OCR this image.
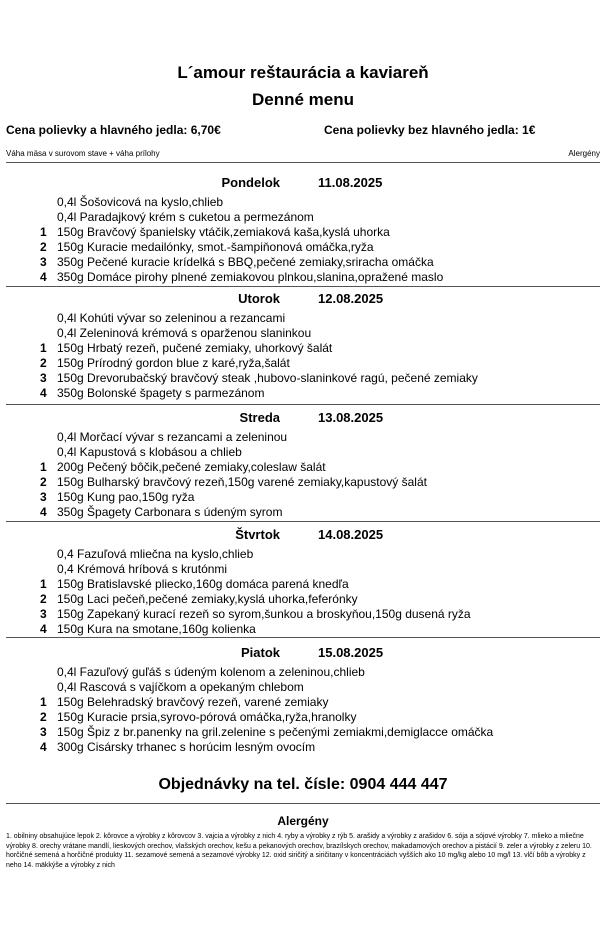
L´amour reštaurácia a kaviareň
Denné menu
Cena polievky a hlavného jedla: 6,70€	Cena polievky bez hlavného jedla: 1€
Váha mäsa v surovom stave + váha prílohy	Alergény
Pondelok	11.08.2025
0,4l Šošovicová na kyslo,chlieb
0,4l Paradajkový krém s cuketou a permezánom
1 150g Bravčový španielsky vtáčik,zemiaková kaša,kyslá uhorka
2 150g Kuracie medailónky, smot.-šampiňonová omáčka,ryža
3 350g Pečené kuracie krídelká s BBQ,pečené zemiaky,sriracha omáčka
4 350g Domáce pirohy plnené zemiakovou plnkou,slanina,opražené maslo
Utorok	12.08.2025
0,4l Kohúti vývar so zeleninou a rezancami
0,4l Zeleninová krémová s oparženou slaninkou
1 150g Hrbatý rezeň, pučené zemiaky, uhorkový šalát
2 150g Prírodný gordon blue z karé,ryža,šalát
3 150g Drevorubačský bravčový steak ,hubovo-slaninkové ragú, pečené zemiaky
4 350g Bolonské špagety s parmezánom
Streda	13.08.2025
0,4l Morčací vývar s rezancami a zeleninou
0,4l Kapustová s klobásou a chlieb
1 200g Pečený bôčik,pečené zemiaky,coleslaw šalát
2 150g Bulharský bravčový rezeň,150g varené zemiaky,kapustový šalát
3 150g Kung pao,150g ryža
4 350g Špagety Carbonara s údeným syrom
Štvrtok	14.08.2025
0,4 Fazuľová mliečna na kyslo,chlieb
0,4 Krémová hríbová s krutónmi
1 150g Bratislavské pliecko,160g domáca parená knedľa
2 150g Laci pečeň,pečené zemiaky,kyslá uhorka,feferónky
3 150g Zapekaný kurací rezeň so syrom,šunkou a broskyňou,150g dusená ryža
4 150g Kura na smotane,160g kolienka
Piatok	15.08.2025
0,4l Fazuľový guľáš s údeným kolenom a zeleninou,chlieb
0,4l Rascová s vajíčkom a opekaným chlebom
1 150g Belehradský bravčový rezeň, varené zemiaky
2 150g Kuracie prsia,syrovo-pórová omáčka,ryža,hranolky
3 150g Špiz z br.panenky na gril.zelenine s pečenými zemiakmi,demiglacce omáčka
4 300g Cisársky trhanec s horúcim lesným ovocím
Objednávky na tel. čísle: 0904 444 447
Alergény
1. obilniny obsahujúce lepok 2. kôrovce a výrobky z kôrovcov 3. vajcia a výrobky z nich 4. ryby a výrobky z rýb 5. arašidy a výrobky z arašidov 6. sója a sójové výrobky 7. mlieko a mliečne výrobky 8. orechy vrátane mandlí, lieskových orechov, vlašských orechov, kešu a pekanových orechov, brazílskych orechov, makadamových orechov a pistácií 9. zeler a výrobky z zeleru 10. horčičné semená a horčičné produkty 11. sezamové semená a sezamové výrobky 12. oxid siričitý a siričitany v koncentráciách vyšších ako 10 mg/kg alebo 10 mg/l 13. vlčí bôb a výrobky z neho 14. mäkkýše a výrobky z nich
